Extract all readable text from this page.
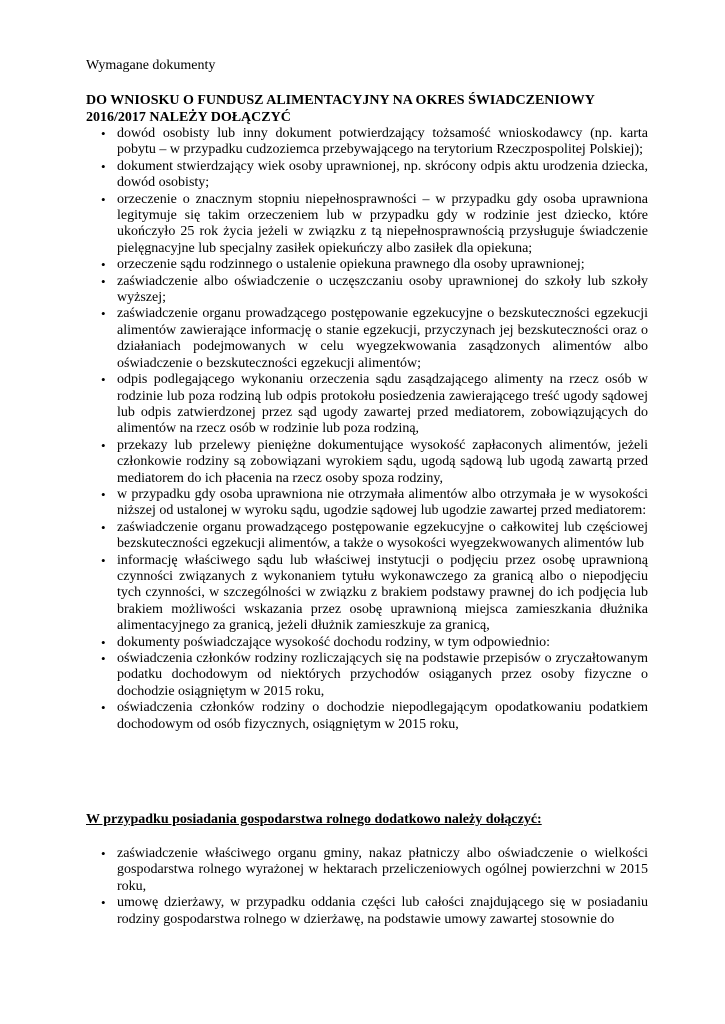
Wymagane dokumenty

DO WNIOSKU O FUNDUSZ ALIMENTACYJNY NA OKRES ŚWIADCZENIOWY 2016/2017 NALEŻY DOŁĄCZYĆ

• dowód osobisty lub inny dokument potwierdzający tożsamość wnioskodawcy (np. karta pobytu – w przypadku cudzoziemca przebywającego na terytorium Rzeczpospolitej Polskiej);
• dokument stwierdzający wiek osoby uprawnionej, np. skrócony odpis aktu urodzenia dziecka, dowód osobisty;
• orzeczenie o znacznym stopniu niepełnosprawności – w przypadku gdy osoba uprawniona legitymuje się takim orzeczeniem lub w przypadku gdy w rodzinie jest dziecko, które ukończyło 25 rok życia jeżeli w związku z tą niepełnosprawnością przysługuje świadczenie pielęgnacyjne lub specjalny zasiłek opiekuńczy albo zasiłek dla opiekuna;
• orzeczenie sądu rodzinnego o ustalenie opiekuna prawnego dla osoby uprawnionej;
• zaświadczenie albo oświadczenie o uczęszczaniu osoby uprawnionej do szkoły lub szkoły wyższej;
• zaświadczenie organu prowadzącego postępowanie egzekucyjne o bezskuteczności egzekucji alimentów zawierające informację o stanie egzekucji, przyczynach jej bezskuteczności oraz o działaniach podejmowanych w celu wyegzekwowania zasądzonych alimentów albo oświadczenie o bezskuteczności egzekucji alimentów;
• odpis podlegającego wykonaniu orzeczenia sądu zasądzającego alimenty na rzecz osób w rodzinie lub poza rodziną lub odpis protokołu posiedzenia zawierającego treść ugody sądowej lub odpis zatwierdzonej przez sąd ugody zawartej przed mediatorem, zobowiązujących do alimentów na rzecz osób w rodzinie lub poza rodziną,
• przekazy lub przelewy pieniężne dokumentujące wysokość zapłaconych alimentów, jeżeli członkowie rodziny są zobowiązani wyrokiem sądu, ugodą sądową lub ugodą zawartą przed mediatorem do ich płacenia na rzecz osoby spoza rodziny,
• w przypadku gdy osoba uprawniona nie otrzymała alimentów albo otrzymała je w wysokości niższej od ustalonej w wyroku sądu, ugodzie sądowej lub ugodzie zawartej przed mediatorem:
• zaświadczenie organu prowadzącego postępowanie egzekucyjne o całkowitej lub częściowej bezskuteczności egzekucji alimentów, a także o wysokości wyegzekwowanych alimentów lub
• informację właściwego sądu lub właściwej instytucji o podjęciu przez osobę uprawnioną czynności związanych z wykonaniem tytułu wykonawczego za granicą albo o niepodjęciu tych czynności, w szczególności w związku z brakiem podstawy prawnej do ich podjęcia lub brakiem możliwości wskazania przez osobę uprawnioną miejsca zamieszkania dłużnika alimentacyjnego za granicą, jeżeli dłużnik zamieszkuje za granicą,
• dokumenty poświadczające wysokość dochodu rodziny, w tym odpowiednio:
• oświadczenia członków rodziny rozliczających się na podstawie przepisów o zryczałtowanym podatku dochodowym od niektórych przychodów osiąganych przez osoby fizyczne o dochodzie osiągniętym w 2015 roku,
• oświadczenia członków rodziny o dochodzie niepodlegającym opodatkowaniu podatkiem dochodowym od osób fizycznych, osiągniętym w 2015 roku,

W przypadku posiadania gospodarstwa rolnego dodatkowo należy dołączyć:

• zaświadczenie właściwego organu gminy, nakaz płatniczy albo oświadczenie o wielkości gospodarstwa rolnego wyrażonej w hektarach przeliczeniowych ogólnej powierzchni w 2015 roku,
• umowę dzierżawy, w przypadku oddania części lub całości znajdującego się w posiadaniu rodziny gospodarstwa rolnego w dzierżawę, na podstawie umowy zawartej stosownie do
